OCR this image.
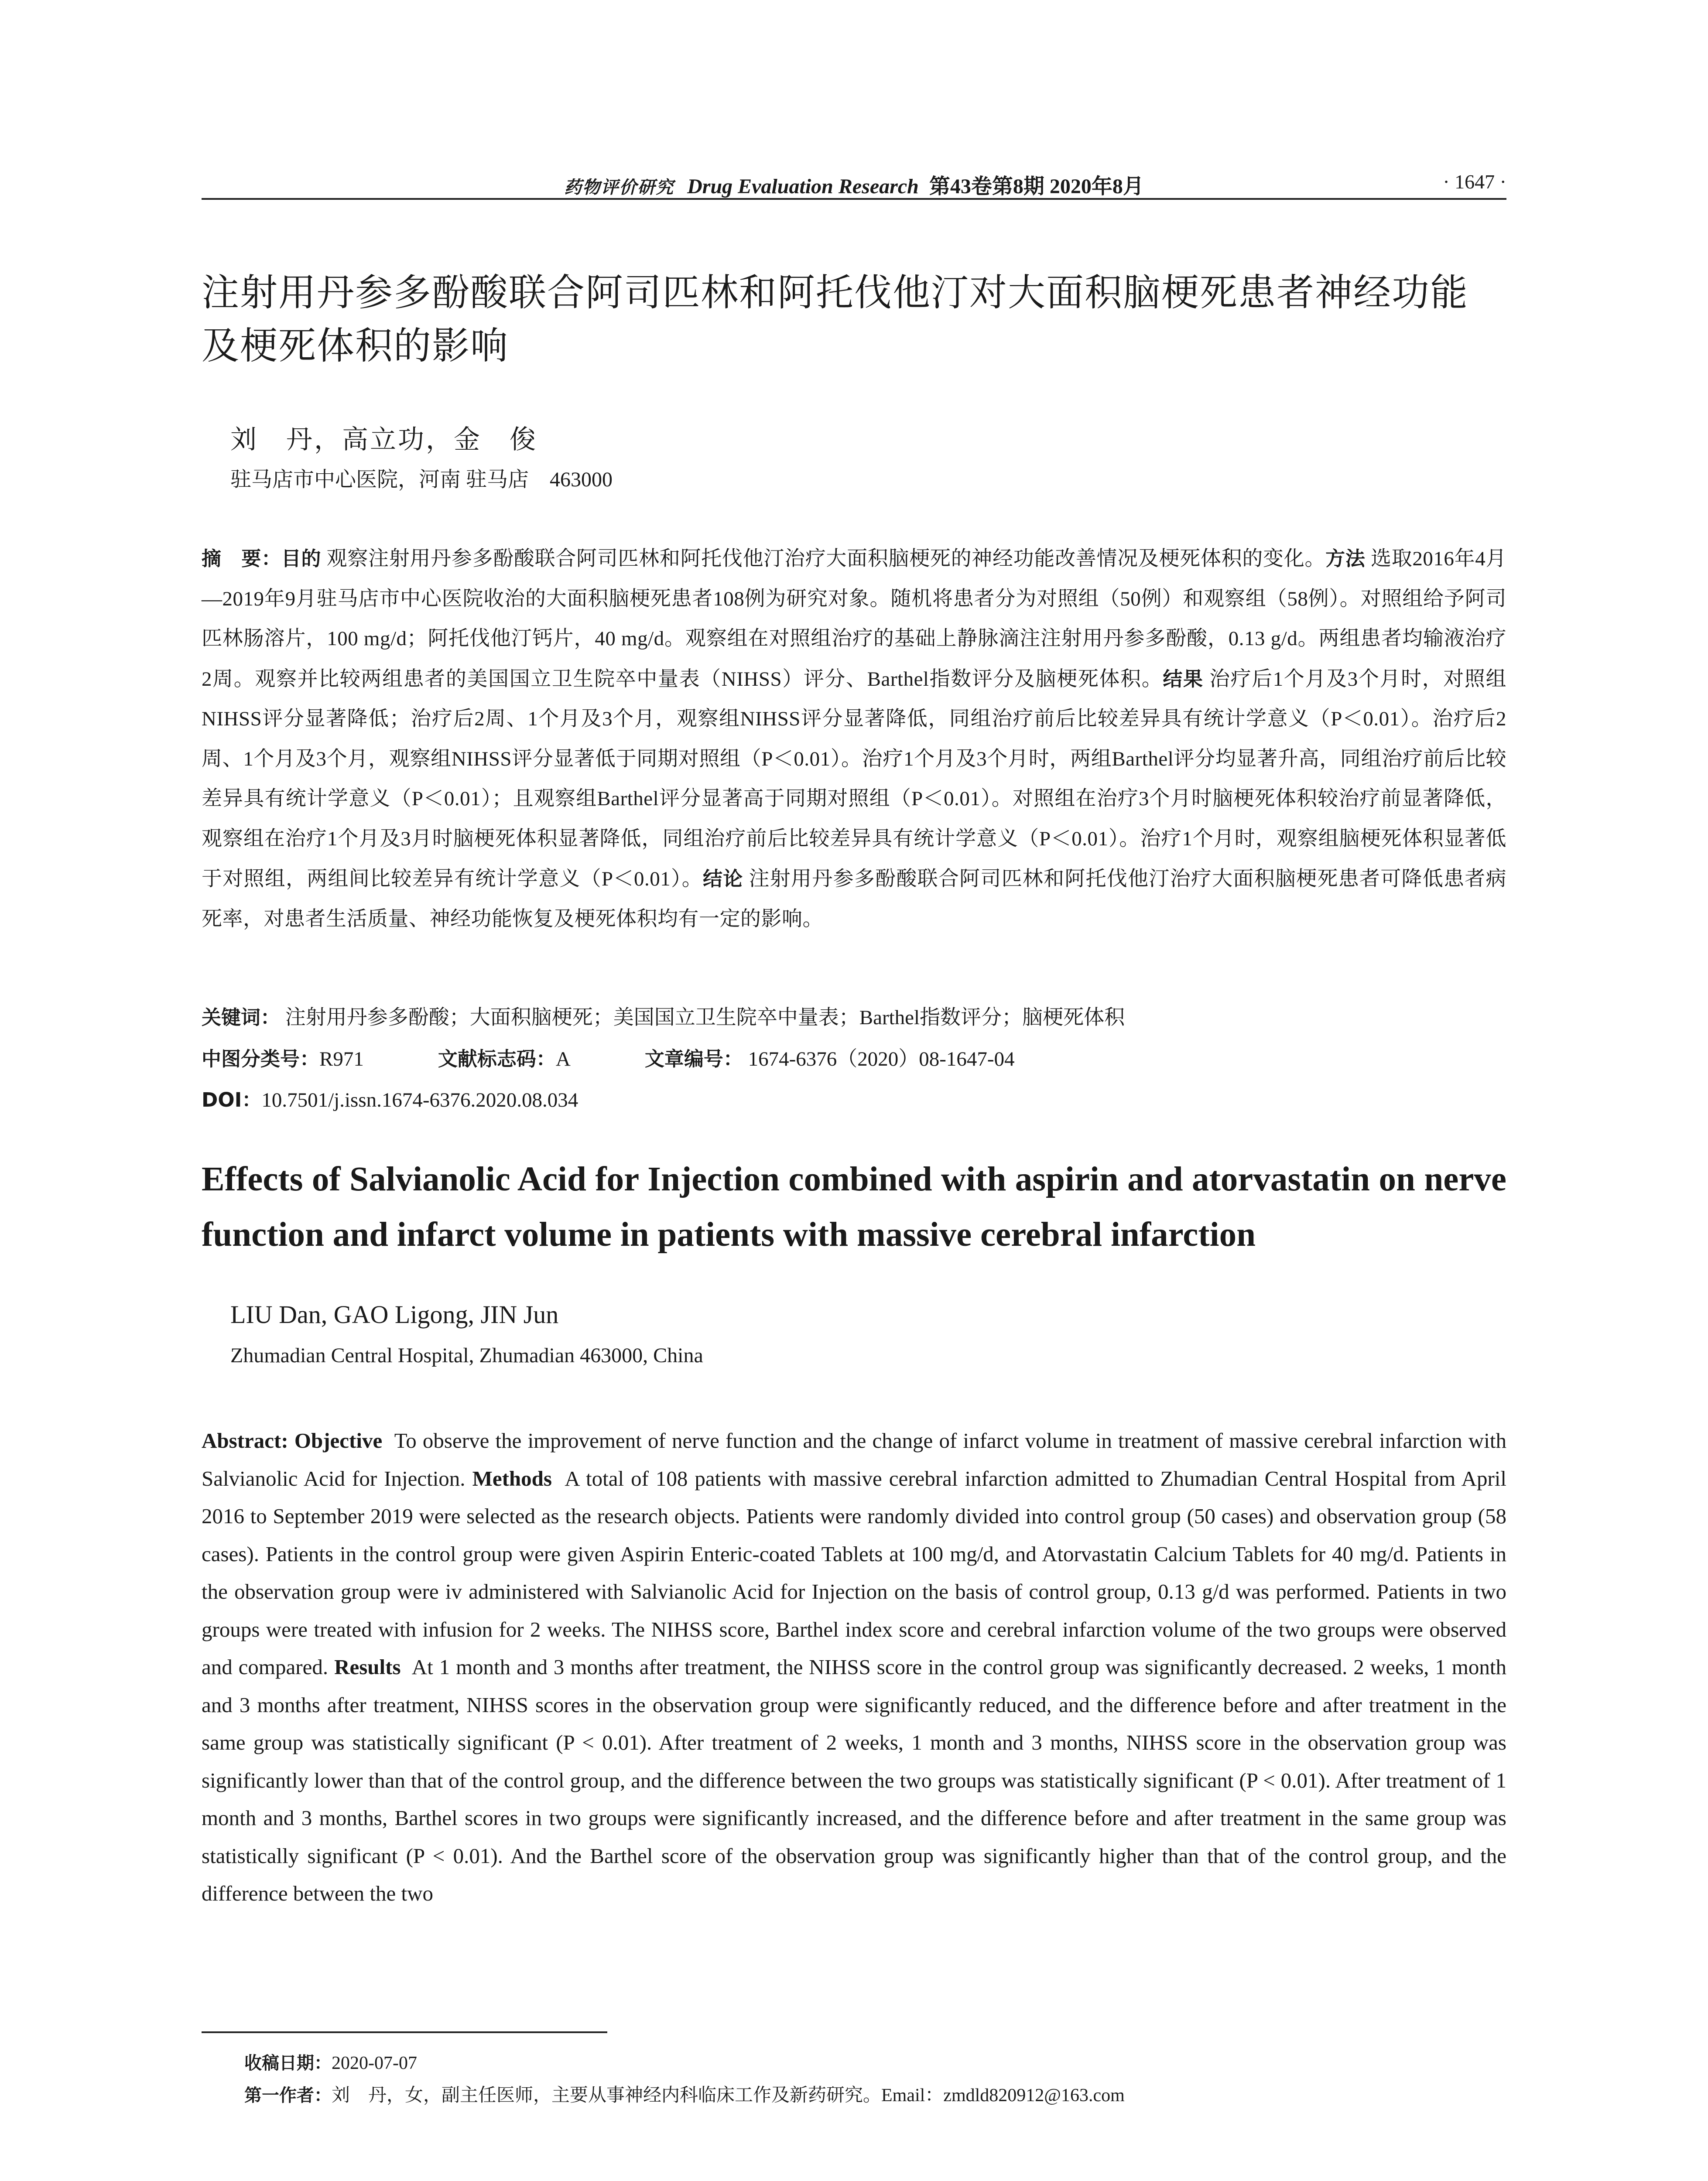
药物评价研究 Drug Evaluation Research 第43卷第8期 2020年8月	· 1647 ·
注射用丹参多酚酸联合阿司匹林和阿托伐他汀对大面积脑梗死患者神经功能及梗死体积的影响
刘　丹，高立功，金　俊
驻马店市中心医院，河南 驻马店　463000

摘　要：目的 观察注射用丹参多酚酸联合阿司匹林和阿托伐他汀治疗大面积脑梗死的神经功能改善情况及梗死体积的变化。方法 选取2016年4月—2019年9月驻马店市中心医院收治的大面积脑梗死患者108例为研究对象。随机将患者分为对照组（50例）和观察组（58例）。对照组给予阿司匹林肠溶片，100 mg/d；阿托伐他汀钙片，40 mg/d。观察组在对照组治疗的基础上静脉滴注注射用丹参多酚酸，0.13 g/d。两组患者均输液治疗2周。观察并比较两组患者的美国国立卫生院卒中量表（NIHSS）评分、Barthel指数评分及脑梗死体积。结果 治疗后1个月及3个月时，对照组NIHSS评分显著降低；治疗后2周、1个月及3个月，观察组NIHSS评分显著降低，同组治疗前后比较差异具有统计学意义（P＜0.01）。治疗后2周、1个月及3个月，观察组NIHSS评分显著低于同期对照组（P＜0.01）。治疗1个月及3个月时，两组Barthel评分均显著升高，同组治疗前后比较差异具有统计学意义（P＜0.01）；且观察组Barthel评分显著高于同期对照组（P＜0.01）。对照组在治疗3个月时脑梗死体积较治疗前显著降低，观察组在治疗1个月及3月时脑梗死体积显著降低，同组治疗前后比较差异具有统计学意义（P＜0.01）。治疗1个月时，观察组脑梗死体积显著低于对照组，两组间比较差异有统计学意义（P＜0.01）。结论 注射用丹参多酚酸联合阿司匹林和阿托伐他汀治疗大面积脑梗死患者可降低患者病死率，对患者生活质量、神经功能恢复及梗死体积均有一定的影响。

关键词： 注射用丹参多酚酸；大面积脑梗死；美国国立卫生院卒中量表；Barthel指数评分；脑梗死体积
中图分类号：R971	文献标志码：A	文章编号： 1674-6376（2020）08-1647-04
DOI：10.7501/j.issn.1674-6376.2020.08.034
Effects of Salvianolic Acid for Injection combined with aspirin and atorvastatin on nerve function and infarct volume in patients with massive cerebral infarction
LIU Dan, GAO Ligong, JIN Jun
Zhumadian Central Hospital, Zhumadian 463000, China

Abstract: Objective To observe the improvement of nerve function and the change of infarct volume in treatment of massive cerebral infarction with Salvianolic Acid for Injection. Methods A total of 108 patients with massive cerebral infarction admitted to Zhumadian Central Hospital from April 2016 to September 2019 were selected as the research objects. Patients were randomly divided into control group (50 cases) and observation group (58 cases). Patients in the control group were given Aspirin Enteric-coated Tablets at 100 mg/d, and Atorvastatin Calcium Tablets for 40 mg/d. Patients in the observation group were iv administered with Salvianolic Acid for Injection on the basis of control group, 0.13 g/d was performed. Patients in two groups were treated with infusion for 2 weeks. The NIHSS score, Barthel index score and cerebral infarction volume of the two groups were observed and compared. Results At 1 month and 3 months after treatment, the NIHSS score in the control group was significantly decreased. 2 weeks, 1 month and 3 months after treatment, NIHSS scores in the observation group were significantly reduced, and the difference before and after treatment in the same group was statistically significant (P < 0.01). After treatment of 2 weeks, 1 month and 3 months, NIHSS score in the observation group was significantly lower than that of the control group, and the difference between the two groups was statistically significant (P < 0.01). After treatment of 1 month and 3 months, Barthel scores in two groups were significantly increased, and the difference before and after treatment in the same group was statistically significant (P < 0.01). And the Barthel score of the observation group was significantly higher than that of the control group, and the difference between the two

收稿日期：2020-07-07
第一作者：刘　丹，女，副主任医师，主要从事神经内科临床工作及新药研究。Email：zmdld820912@163.com
